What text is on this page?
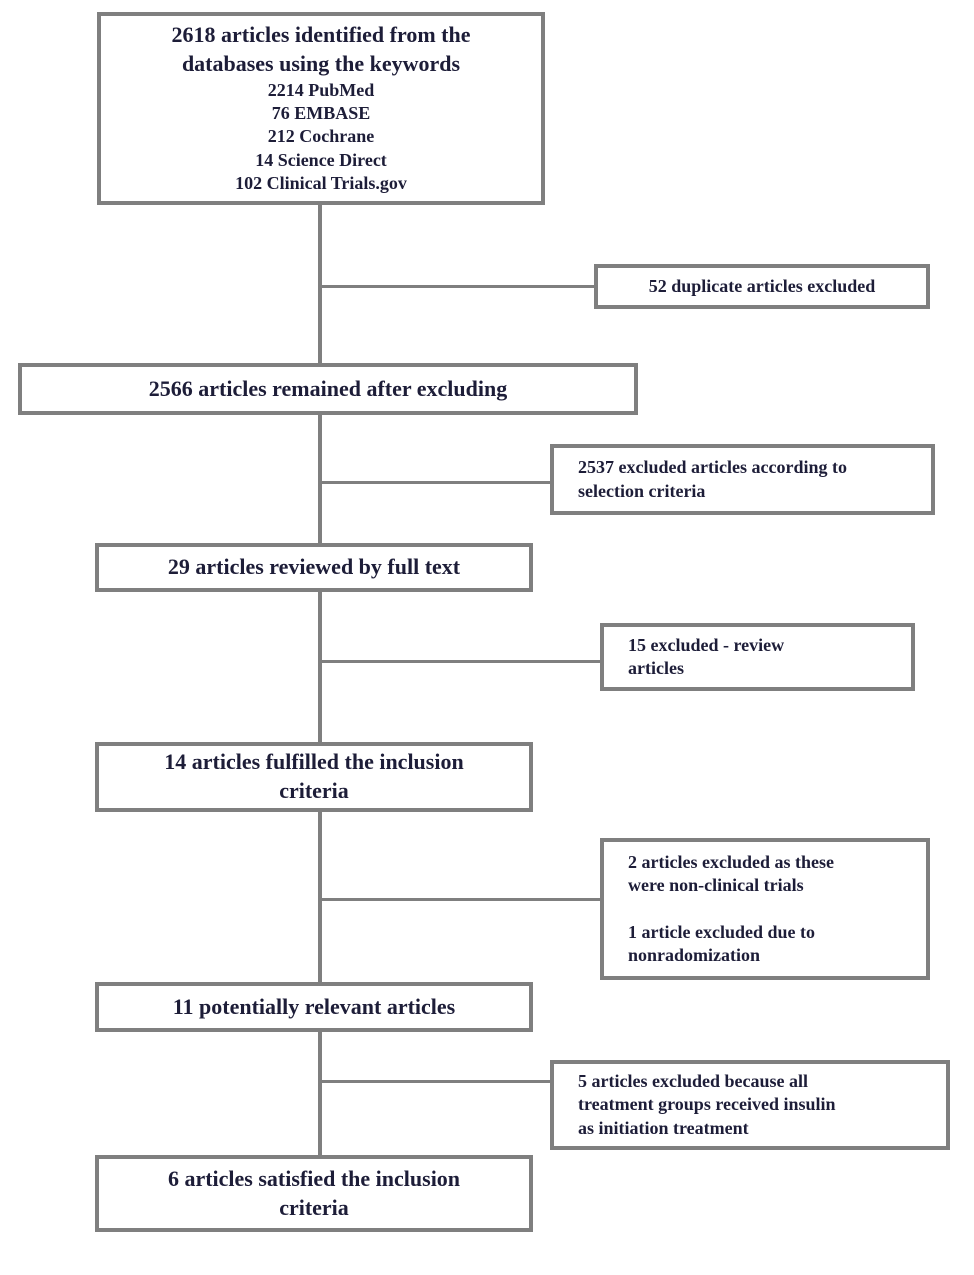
2618 articles identified from the
databases using the keywords
2214 PubMed
76 EMBASE
212 Cochrane
14 Science Direct
102 Clinical Trials.gov
2566 articles remained after excluding
29 articles reviewed by full text
14 articles fulfilled the inclusion
criteria
11 potentially relevant articles
6 articles satisfied the inclusion
criteria
52 duplicate articles excluded
2537 excluded articles according to
selection criteria
15 excluded - review
articles
2 articles excluded as these
were non-clinical trials
1 article excluded due to
nonradomization
5 articles excluded because all
treatment groups received insulin
as initiation treatment
